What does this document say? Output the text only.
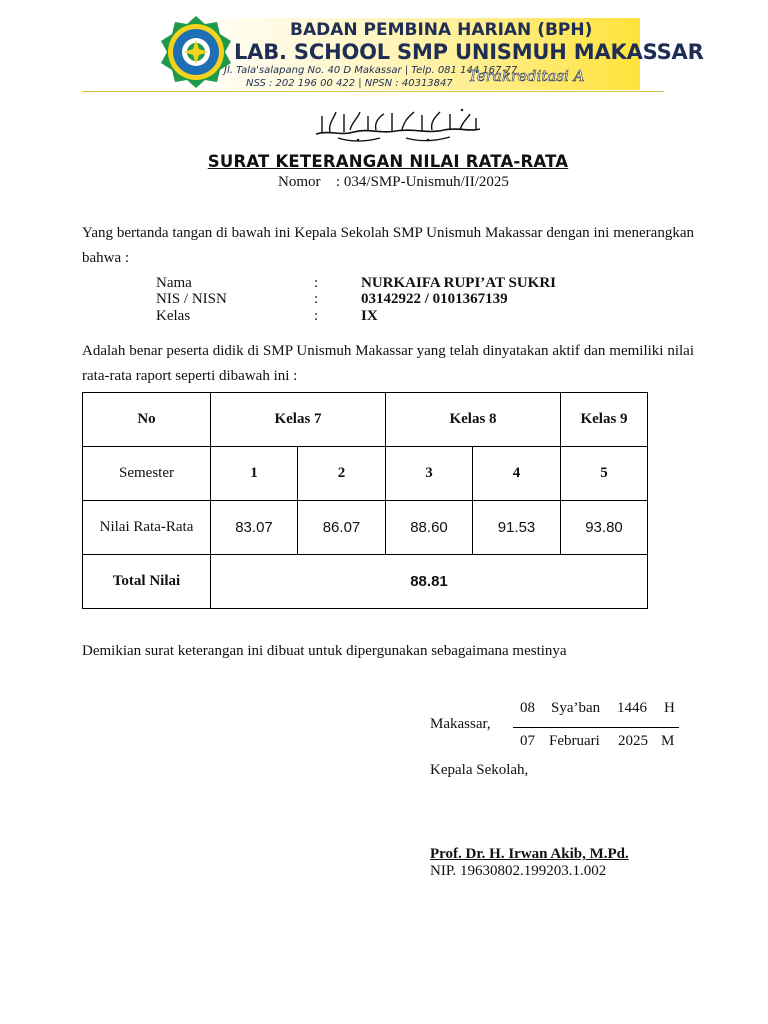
BADAN PEMBINA HARIAN (BPH)
LAB. SCHOOL SMP UNISMUH MAKASSAR
Jl. Tala'salapang No. 40 D Makassar | Telp. 081 144 167 77
NSS : 202 196 00 422 | NPSN : 40313847 Terakreditasi A
SURAT KETERANGAN NILAI RATA-RATA
Nomor : 034/SMP-Unismuh/II/2025
Yang bertanda tangan di bawah ini Kepala Sekolah SMP Unismuh Makassar dengan ini menerangkan bahwa :
Nama	:	NURKAIFA RUPI’AT SUKRI
NIS / NISN	:	03142922 / 0101367139
Kelas	:	IX
Adalah benar peserta didik di SMP Unismuh Makassar yang telah dinyatakan aktif dan memiliki nilai rata-rata raport seperti dibawah ini :
No	Kelas 7		Kelas 8		Kelas 9
Semester	1	2	3	4	5
Nilai Rata-Rata	83.07	86.07	88.60	91.53	93.80
Total Nilai	88.81				
Demikian surat keterangan ini dibuat untuk dipergunakan sebagaimana mestinya
Makassar,
08 Sya’ban 1446 H
07 Februari 2025 M
Kepala Sekolah,
Prof. Dr. H. Irwan Akib, M.Pd.
NIP. 19630802.199203.1.002
